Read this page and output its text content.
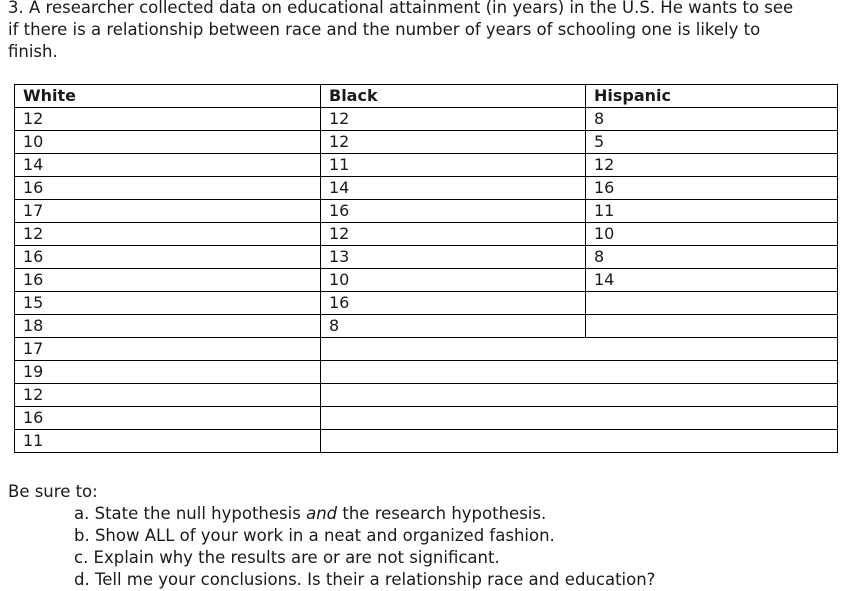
3. A researcher collected data on educational attainment (in years) in the U.S. He wants to see if there is a relationship between race and the number of years of schooling one is likely to finish.

White	Black	Hispanic
12	12	8
10	12	5
14	11	12
16	14	16
17	16	11
12	12	10
16	13	8
16	10	14
15	16	
18	8	
17		
19		
12		
16		
11		

Be sure to:

a. State the null hypothesis and the research hypothesis.
b. Show ALL of your work in a neat and organized fashion.
c. Explain why the results are or are not significant.
d. Tell me your conclusions. Is their a relationship race and education?
